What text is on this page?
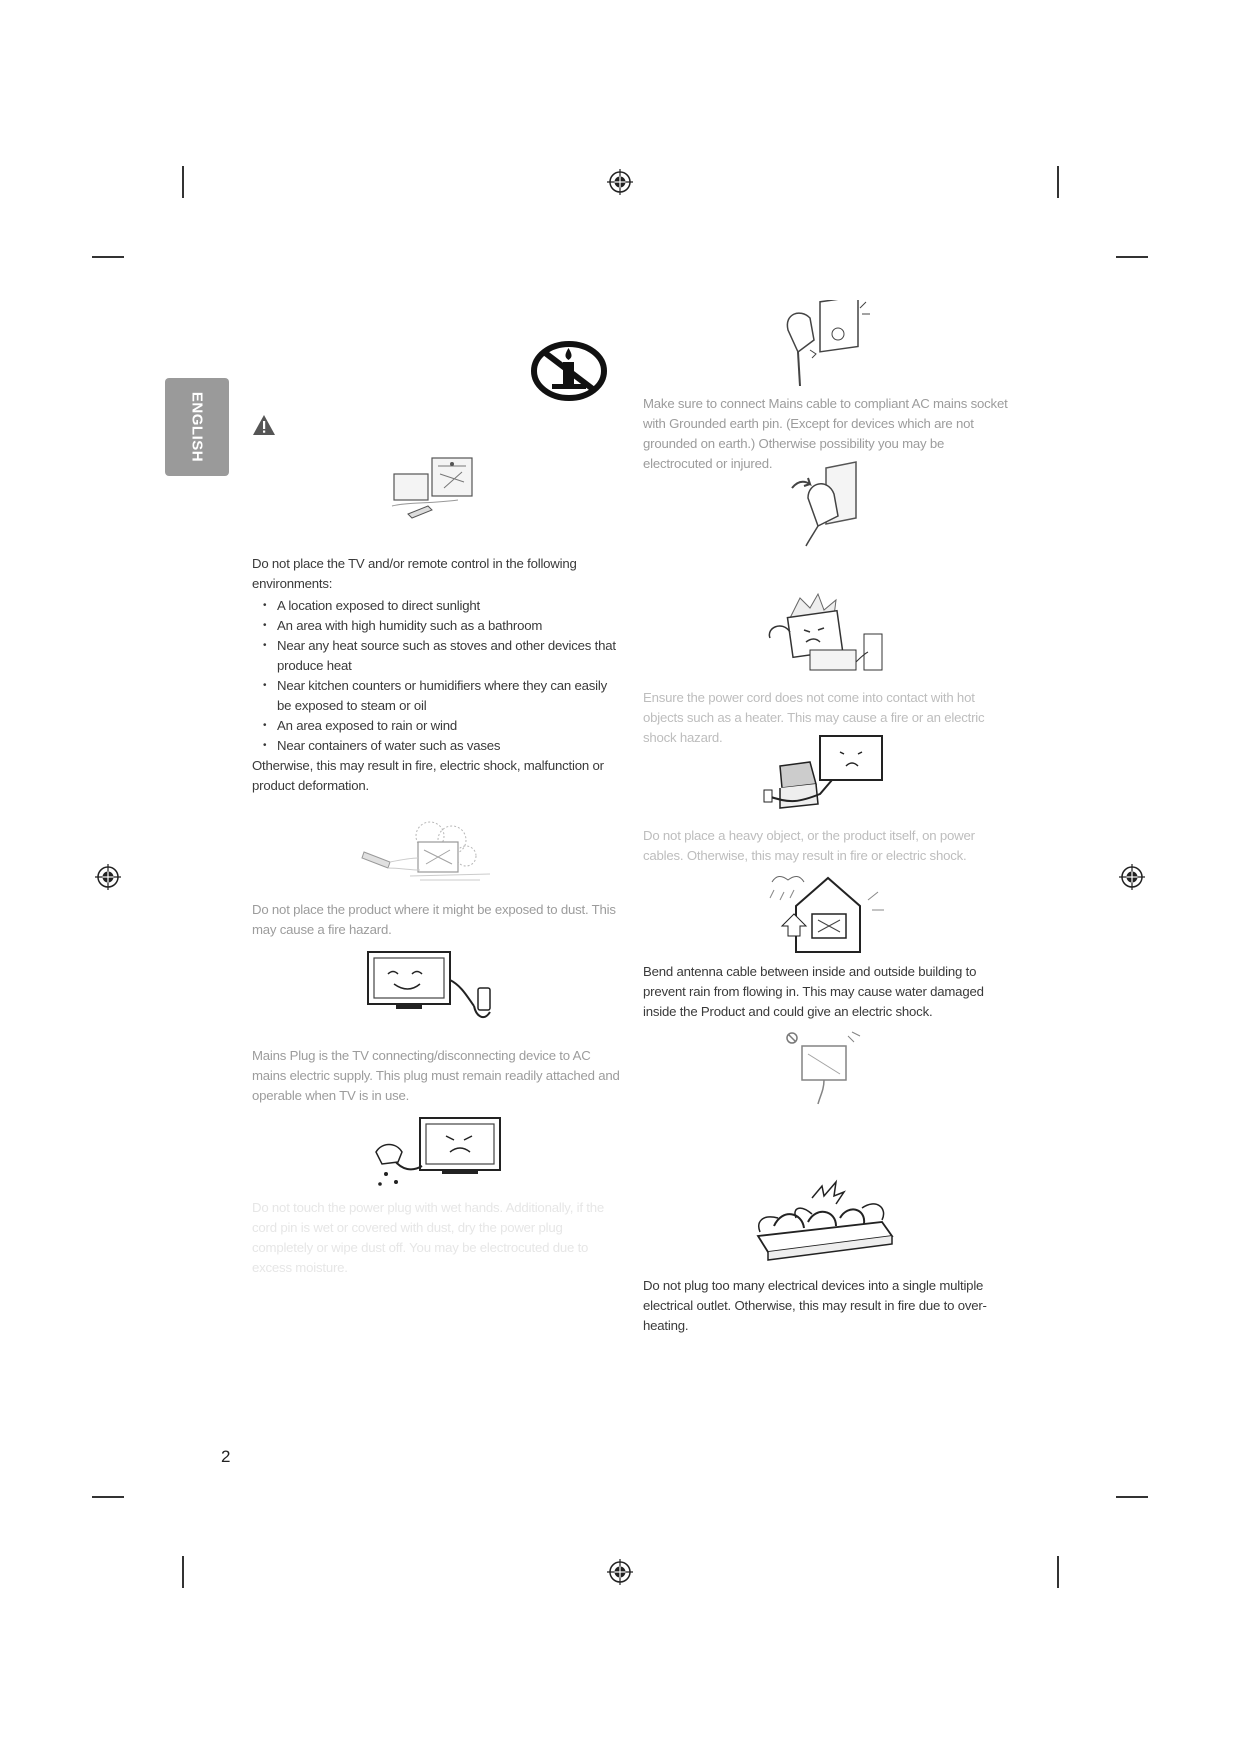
ENGLISH
Do not place the TV and/or remote control in the following environments:
• A location exposed to direct sunlight
• An area with high humidity such as a bathroom
• Near any heat source such as stoves and other devices that produce heat
• Near kitchen counters or humidifiers where they can easily be exposed to steam or oil
• An area exposed to rain or wind
• Near containers of water such as vases
Otherwise, this may result in fire, electric shock, malfunction or product deformation.
Do not place the product where it might be exposed to dust. This may cause a fire hazard.
Mains Plug is the TV connecting/disconnecting device to AC mains electric supply. This plug must remain readily attached and operable when TV is in use.
Do not touch the power plug with wet hands. Additionally, if the cord pin is wet or covered with dust, dry the power plug completely or wipe dust off. You may be electrocuted due to excess moisture.
Make sure to connect Mains cable to compliant AC mains socket with Grounded earth pin. (Except for devices which are not grounded on earth.) Otherwise possibility you may be electrocuted or injured.
Ensure the power cord does not come into contact with hot objects such as a heater. This may cause a fire or an electric shock hazard.
Do not place a heavy object, or the product itself, on power cables. Otherwise, this may result in fire or electric shock.
Bend antenna cable between inside and outside building to prevent rain from flowing in. This may cause water damaged inside the Product and could give an electric shock.
Do not plug too many electrical devices into a single multiple electrical outlet. Otherwise, this may result in fire due to over-heating.
2
